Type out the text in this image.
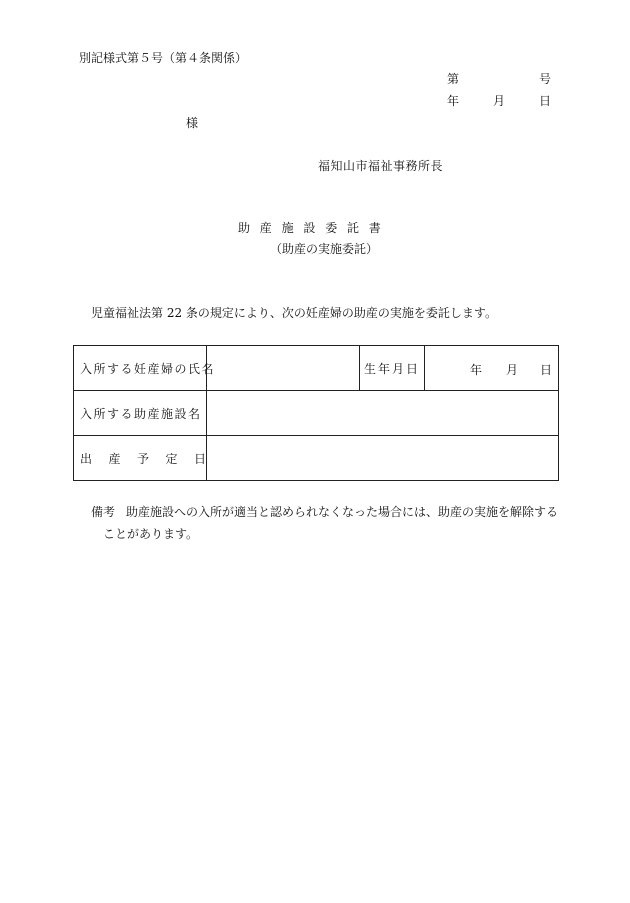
別記様式第５号（第４条関係）
第	号
年	月	日
様
福知山市福祉事務所長
助産施設委託書
（助産の実施委託）
児童福祉法第 22 条の規定により、次の妊産婦の助産の実施を委託します。
入所する妊産婦の氏名		生年月日	年 月 日

入所する助産施設名			
出産予定日			
備考 助産施設への入所が適当と認められなくなった場合には、助産の実施を解除する
ことがあります。
